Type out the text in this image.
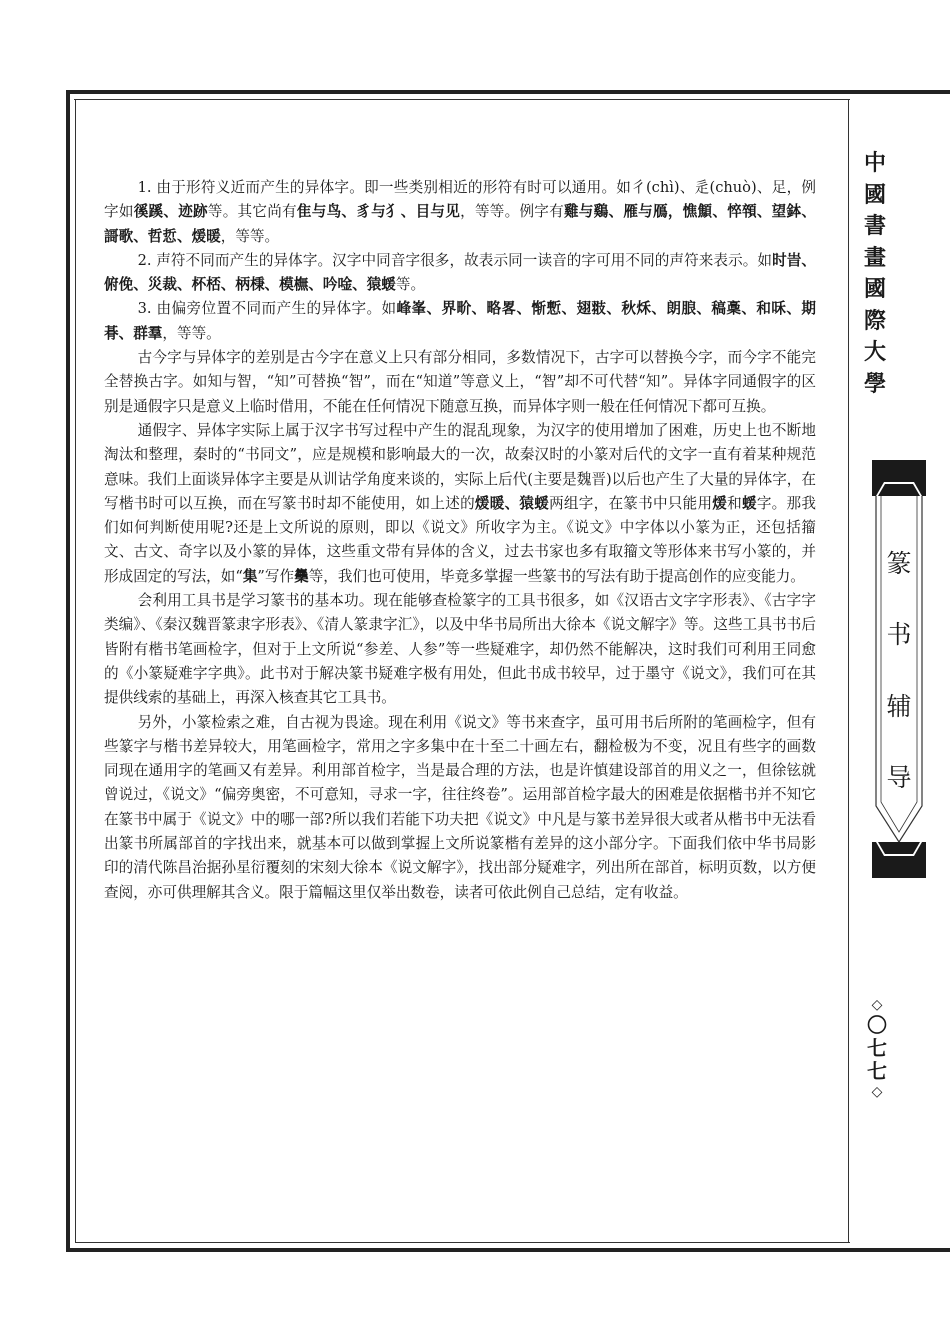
1. 由于形符义近而产生的异体字。即一些类别相近的形符有时可以通用。如彳(chì)、辵(chuò)、足，例字如徯蹊、迹跡等。其它尚有隹与鸟、豸与犭、目与见，等等。例字有雞与鷄、雁与鴈，憔顦、悴顇、望鉢、謌歌、哲悊、煖暖，等等。

2. 声符不同而产生的异体字。汉字中同音字很多，故表示同一读音的字可用不同的声符来表示。如时旹、俯俛、災裁、杯桮、柄棅、模橅、吟唫、猿蝯等。

3. 由偏旁位置不同而产生的异体字。如峰峯、界畍、略畧、惭慙、翅翄、秋秌、朗朖、稿稾、和咊、期朞、群羣，等等。

古今字与异体字的差别是古今字在意义上只有部分相同，多数情况下，古字可以替换今字，而今字不能完全替换古字。如知与智，“知”可替换“智”，而在“知道”等意义上，“智”却不可代替“知”。异体字同通假字的区别是通假字只是意义上临时借用，不能在任何情况下随意互换，而异体字则一般在任何情况下都可互换。

通假字、异体字实际上属于汉字书写过程中产生的混乱现象，为汉字的使用增加了困难，历史上也不断地淘汰和整理，秦时的“书同文”，应是规模和影响最大的一次，故秦汉时的小篆对后代的文字一直有着某种规范意味。我们上面谈异体字主要是从训诂学角度来谈的，实际上后代(主要是魏晋)以后也产生了大量的异体字，在写楷书时可以互换，而在写篆书时却不能使用，如上述的煖暖、猿蝯两组字，在篆书中只能用煖和蝯字。那我们如何判断使用呢?还是上文所说的原则，即以《说文》所收字为主。《说文》中字体以小篆为正，还包括籀文、古文、奇字以及小篆的异体，这些重文带有异体的含义，过去书家也多有取籀文等形体来书写小篆的，并形成固定的写法，如“集”写作雧等，我们也可使用，毕竟多掌握一些篆书的写法有助于提高创作的应变能力。

会利用工具书是学习篆书的基本功。现在能够查检篆字的工具书很多，如《汉语古文字字形表》、《古字字类编》、《秦汉魏晋篆隶字形表》、《清人篆隶字汇》，以及中华书局所出大徐本《说文解字》等。这些工具书书后皆附有楷书笔画检字，但对于上文所说“参差、人参”等一些疑难字，却仍然不能解决，这时我们可利用王同愈的《小篆疑难字字典》。此书对于解决篆书疑难字极有用处，但此书成书较早，过于墨守《说文》，我们可在其提供线索的基础上，再深入核查其它工具书。

另外，小篆检索之难，自古视为畏途。现在利用《说文》等书来查字，虽可用书后所附的笔画检字，但有些篆字与楷书差异较大，用笔画检字，常用之字多集中在十至二十画左右，翻检极为不变，况且有些字的画数同现在通用字的笔画又有差异。利用部首检字，当是最合理的方法，也是许慎建设部首的用义之一，但徐铉就曾说过，《说文》“偏旁奥密，不可意知，寻求一字，往往终卷”。运用部首检字最大的困难是依据楷书并不知它在篆书中属于《说文》中的哪一部?所以我们若能下功夫把《说文》中凡是与篆书差异很大或者从楷书中无法看出篆书所属部首的字找出来，就基本可以做到掌握上文所说篆楷有差异的这小部分字。下面我们依中华书局影印的清代陈昌治据孙星衍覆刻的宋刻大徐本《说文解字》，找出部分疑难字，列出所在部首，标明页数，以方便查阅，亦可供理解其含义。限于篇幅这里仅举出数卷，读者可依此例自己总结，定有收益。

中
國
書
畫
國
際
大
學
篆
书
辅
导
◇
〇
七
七
◇
